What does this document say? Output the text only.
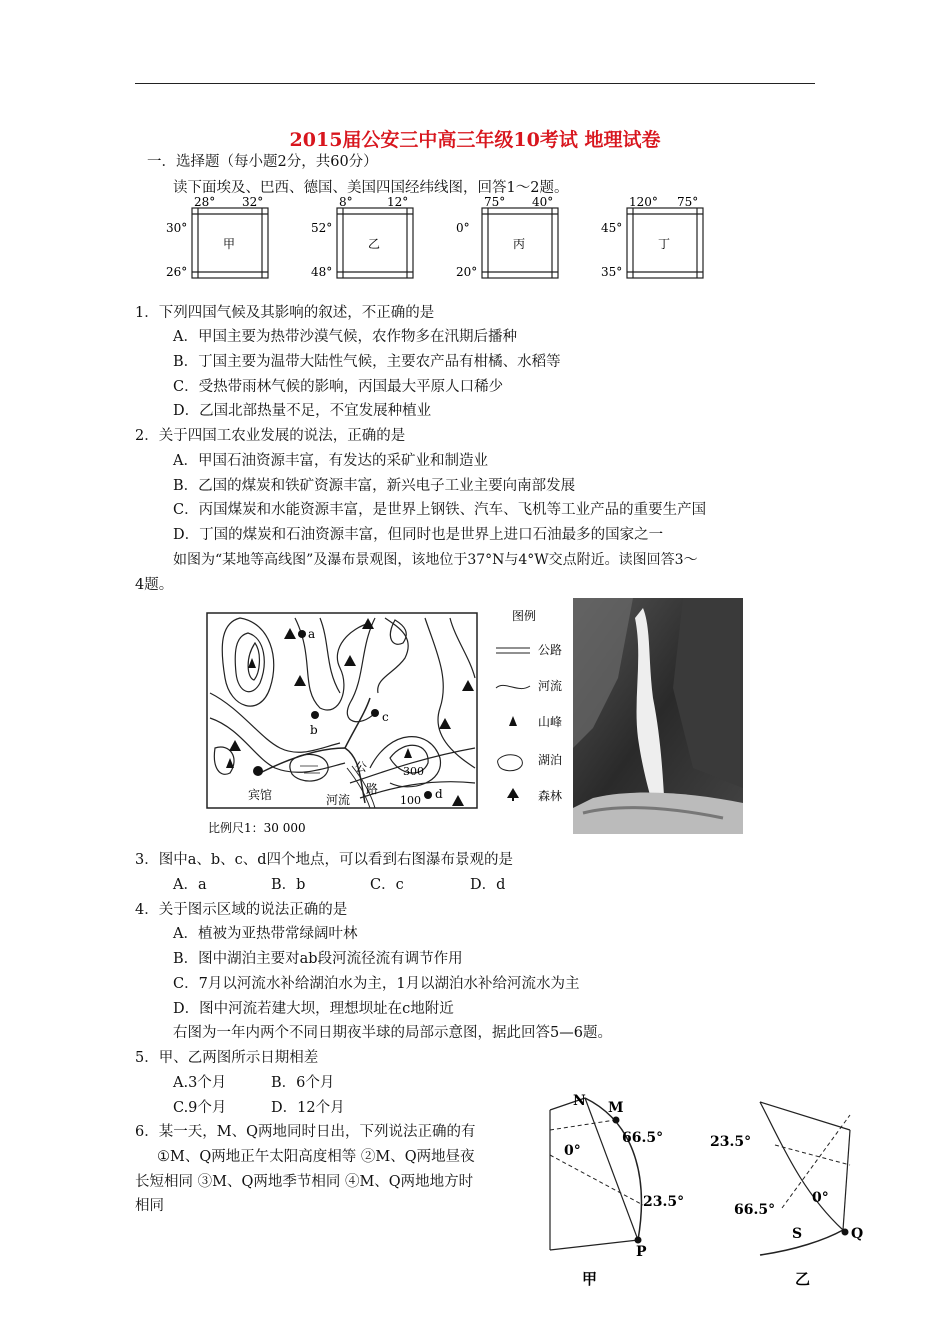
2015届公安三中高三年级10考试 地理试卷
一．选择题（每小题2分，共60分）
读下面埃及、巴西、德国、美国四国经纬线图，回答1～2题。
28° 32°
30°
26°
甲
8°	12°
52°
48°
乙
75° 40°
0°
20°
丙
120° 75°
45°
35°
丁
1．下列四国气候及其影响的叙述，不正确的是
A．甲国主要为热带沙漠气候，农作物多在汛期后播种
B．丁国主要为温带大陆性气候，主要农产品有柑橘、水稻等
C．受热带雨林气候的影响，丙国最大平原人口稀少
D．乙国北部热量不足，不宜发展种植业
2．关于四国工农业发展的说法，正确的是
A．甲国石油资源丰富，有发达的采矿业和制造业
B．乙国的煤炭和铁矿资源丰富，新兴电子工业主要向南部发展
C．丙国煤炭和水能资源丰富，是世界上钢铁、汽车、飞机等工业产品的重要生产国
D．丁国的煤炭和石油资源丰富，但同时也是世界上进口石油最多的国家之一
如图为“某地等高线图”及瀑布景观图，该地位于37°N与4°W交点附近。读图回答3～
4题。
a
b
c
d
宾馆	河流
公
路
300
100
比例尺1：30 000
图例
公路
河流
山峰
湖泊
森林
3．图中a、b、c、d四个地点，可以看到右图瀑布景观的是
A．a	B．b	C．c	D．d
4．关于图示区域的说法正确的是
A．植被为亚热带常绿阔叶林
B．图中湖泊主要对ab段河流径流有调节作用
C．7月以河流水补给湖泊水为主，1月以湖泊水补给河流水为主
D．图中河流若建大坝，理想坝址在c地附近
右图为一年内两个不同日期夜半球的局部示意图，据此回答5—6题。
5．甲、乙两图所示日期相差
A.3个月	B．6个月
C.9个月	D．12个月
6．某一天，M、Q两地同时日出，下列说法正确的有
①M、Q两地正午太阳高度相等 ②M、Q两地昼夜
长短相同 ③M、Q两地季节相同 ④M、Q两地地方时
相同
N M
66.5°
0°
23.5°
P
甲
23.5°
66.5°
0°
S	Q
乙
